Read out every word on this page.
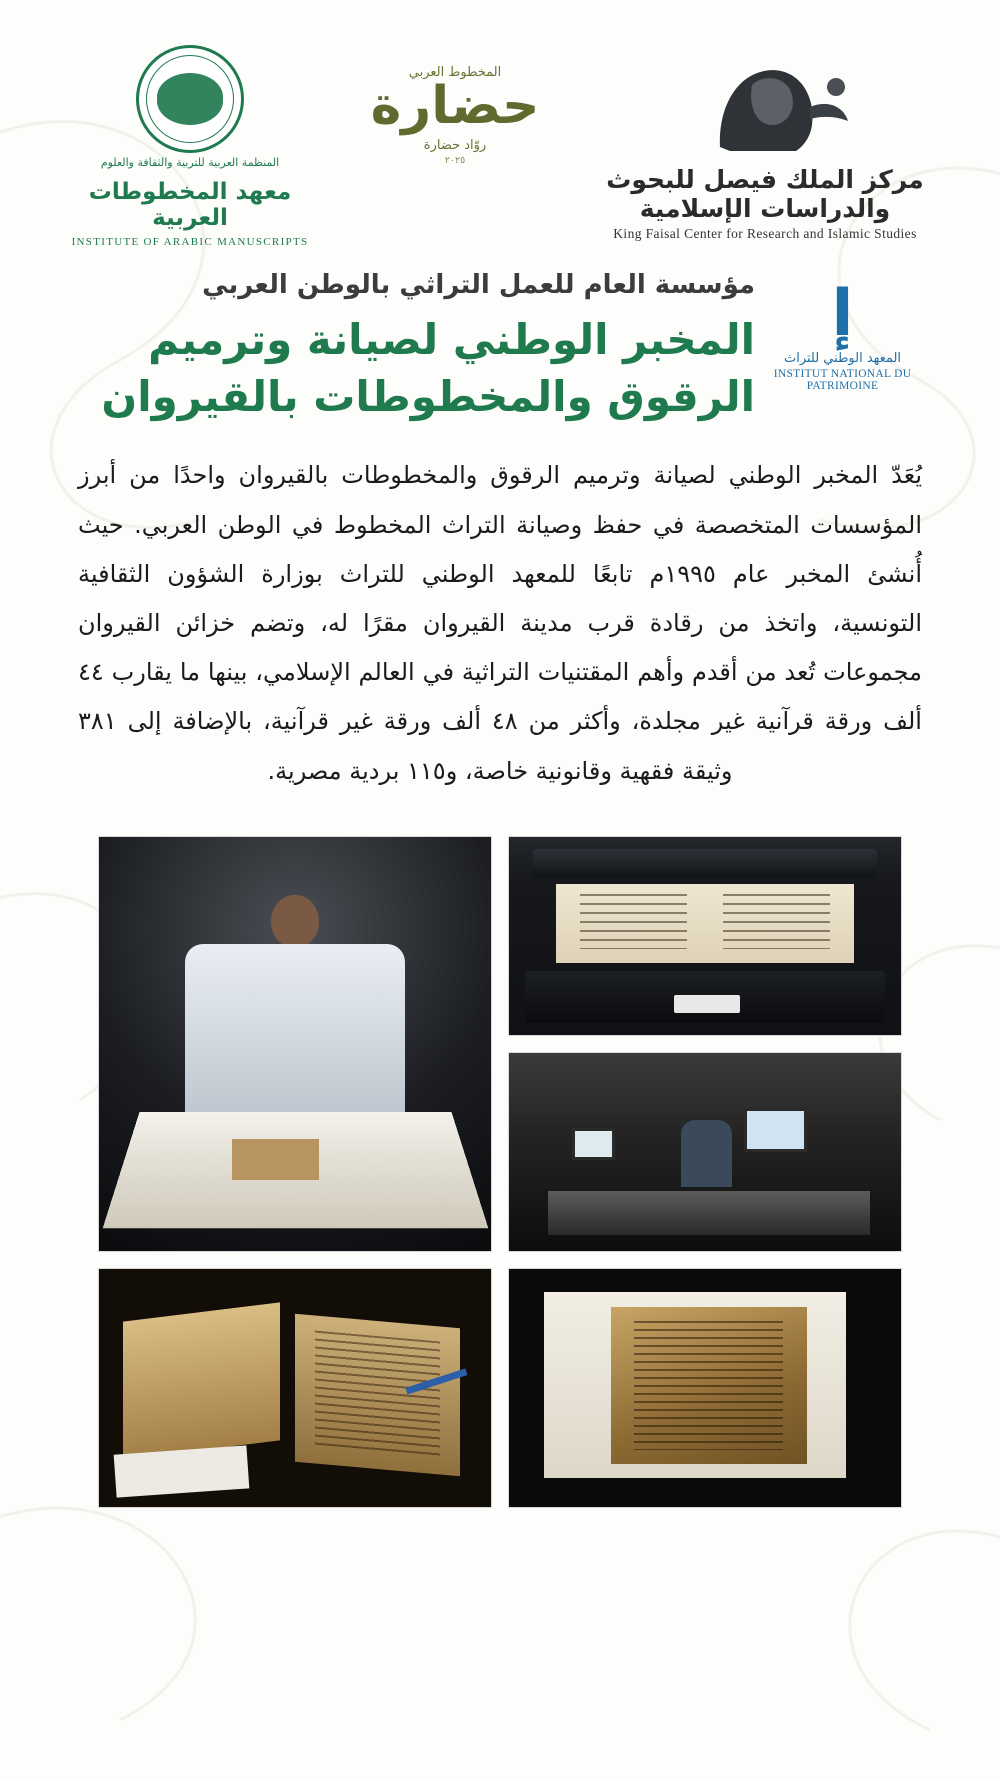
المنظمة العربية للتربية والثقافة والعلوم
معهد المخطوطات العربية
INSTITUTE OF ARABIC MANUSCRIPTS
المخطوط العربي
حضارة
روّاد حضارة
٢٠٢٥
مركز الملك فيصل للبحوث والدراسات الإسلامية
King Faisal Center for Research and Islamic Studies
إ
المعهد الوطني للتراث
INSTITUT NATIONAL DU PATRIMOINE
مؤسسة العام للعمل التراثي بالوطن العربي
المخبر الوطني لصيانة وترميم الرقوق والمخطوطات بالقيروان
يُعَدّ المخبر الوطني لصيانة وترميم الرقوق والمخطوطات بالقيروان واحدًا من أبرز المؤسسات المتخصصة في حفظ وصيانة التراث المخطوط في الوطن العربي. حيث أُنشئ المخبر عام ١٩٩٥م تابعًا للمعهد الوطني للتراث بوزارة الشؤون الثقافية التونسية، واتخذ من رقادة قرب مدينة القيروان مقرًا له، وتضم خزائن القيروان مجموعات تُعد من أقدم وأهم المقتنيات التراثية في العالم الإسلامي، بينها ما يقارب ٤٤ ألف ورقة قرآنية غير مجلدة، وأكثر من ٤٨ ألف ورقة غير قرآنية، بالإضافة إلى ٣٨١ وثيقة فقهية وقانونية خاصة، و١١٥ بردية مصرية.
